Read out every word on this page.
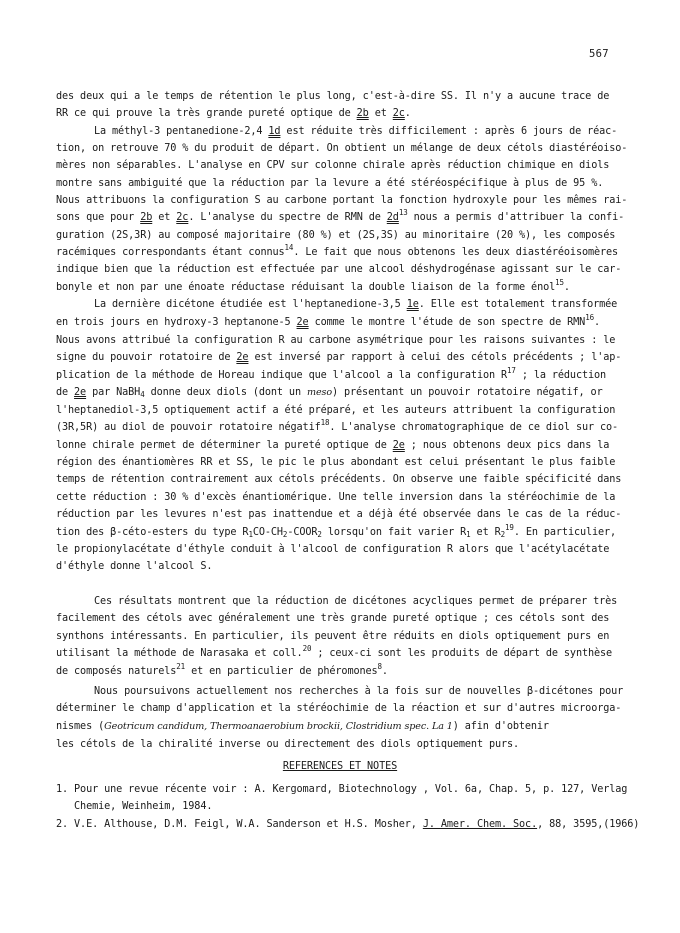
567
des deux qui a le temps de rétention le plus long, c'est-à-dire SS. Il n'y a aucune trace de
RR ce qui prouve la très grande pureté optique de 2b et 2c.
La méthyl-3 pentanedione-2,4 1d est réduite très difficilement : après 6 jours de réac-
tion, on retrouve 70 % du produit de départ. On obtient un mélange de deux cétols diastéréoiso-
mères non séparables. L'analyse en CPV sur colonne chirale après réduction chimique en diols
montre sans ambiguité que la réduction par la levure a été stéréospécifique à plus de 95 %.
Nous attribuons la configuration S au carbone portant la fonction hydroxyle pour les mêmes rai-
sons que pour 2b et 2c. L'analyse du spectre de RMN de $2d^{13}$ nous a permis d'attribuer la confi-
guration (2S,3R) au composé majoritaire (80 %) et (2S,3S) au minoritaire (20 %), les composés
racémiques correspondants étant connus$^{14}$. Le fait que nous obtenons les deux diastéréoisomères
indique bien que la réduction est effectuée par une alcool déshydrogénase agissant sur le car-
bonyle et non par une énoate réductase réduisant la double liaison de la forme énol$^{15}$.
La dernière dicétone étudiée est l'heptanedione-3,5 1e. Elle est totalement transformée
en trois jours en hydroxy-3 heptanone-5 2e comme le montre l'étude de son spectre de RMN$^{16}$.
Nous avons attribué la configuration R au carbone asymétrique pour les raisons suivantes : le
signe du pouvoir rotatoire de 2e est inversé par rapport à celui des cétols précédents ; l'ap-
plication de la méthode de Horeau indique que l'alcool a la configuration $R^{17}$ ; la réduction
de 2e par NaBH$_4$ donne deux diols (dont un meso) présentant un pouvoir rotatoire négatif, or
l'heptanediol-3,5 optiquement actif a été préparé, et les auteurs attribuent la configuration
(3R,5R) au diol de pouvoir rotatoire négatif$^{18}$. L'analyse chromatographique de ce diol sur co-
lonne chirale permet de déterminer la pureté optique de 2e ; nous obtenons deux pics dans la
région des énantiomères RR et SS, le pic le plus abondant est celui présentant le plus faible
temps de rétention contrairement aux cétols précédents. On observe une faible spécificité dans
cette réduction : 30 % d'excès énantiomérique. Une telle inversion dans la stéréochimie de la
réduction par les levures n'est pas inattendue et a déjà été observée dans le cas de la réduc-
tion des β-céto-esters du type $R_1CO-CH_2-COOR_2$ lorsqu'on fait varier $R_1$ et $R_2^{19}$. En particulier,
le propionylacétate d'éthyle conduit à l'alcool de configuration R alors que l'acétylacétate
d'éthyle donne l'alcool S.
Ces résultats montrent que la réduction de dicétones acycliques permet de préparer très
facilement des cétols avec généralement une très grande pureté optique ; ces cétols sont des
synthons intéressants. En particulier, ils peuvent être réduits en diols optiquement purs en
utilisant la méthode de Narasaka et coll.$^{20}$ ; ceux-ci sont les produits de départ de synthèse
de composés naturels$^{21}$ et en particulier de phéromones$^8$.
Nous poursuivons actuellement nos recherches à la fois sur de nouvelles β-dicétones pour
déterminer le champ d'application et la stéréochimie de la réaction et sur d'autres microorga-
nismes (Geotricum candidum, Thermoanaerobium brockii, Clostridium spec. La 1) afin d'obtenir
les cétols de la chiralité inverse ou directement des diols optiquement purs.
REFERENCES ET NOTES
1. Pour une revue récente voir : A. Kergomard, Biotechnology , Vol. 6a, Chap. 5, p. 127, Verlag
Chemie, Weinheim, 1984.
2. V.E. Althouse, D.M. Feigl, W.A. Sanderson et H.S. Mosher, J. Amer. Chem. Soc., 88, 3595,(1966)
